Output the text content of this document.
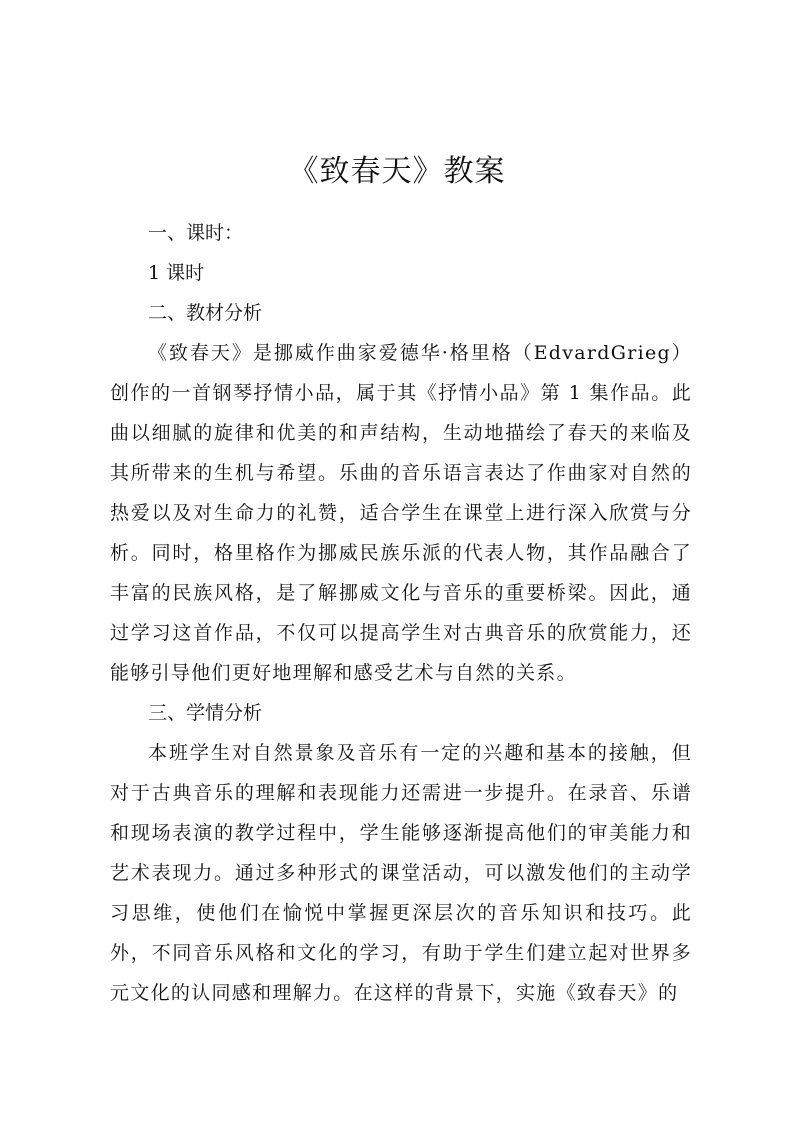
《致春天》教案
一、课时：
1 课时
二、教材分析

《致春天》是挪威作曲家爱德华·格里格（EdvardGrieg）创作的一首钢琴抒情小品，属于其《抒情小品》第 1 集作品。此曲以细腻的旋律和优美的和声结构，生动地描绘了春天的来临及其所带来的生机与希望。乐曲的音乐语言表达了作曲家对自然的热爱以及对生命力的礼赞，适合学生在课堂上进行深入欣赏与分析。同时，格里格作为挪威民族乐派的代表人物，其作品融合了丰富的民族风格，是了解挪威文化与音乐的重要桥梁。因此，通过学习这首作品，不仅可以提高学生对古典音乐的欣赏能力，还能够引导他们更好地理解和感受艺术与自然的关系。

三、学情分析

本班学生对自然景象及音乐有一定的兴趣和基本的接触，但对于古典音乐的理解和表现能力还需进一步提升。在录音、乐谱和现场表演的教学过程中，学生能够逐渐提高他们的审美能力和艺术表现力。通过多种形式的课堂活动，可以激发他们的主动学习思维，使他们在愉悦中掌握更深层次的音乐知识和技巧。此外，不同音乐风格和文化的学习，有助于学生们建立起对世界多元文化的认同感和理解力。在这样的背景下，实施《致春天》的
